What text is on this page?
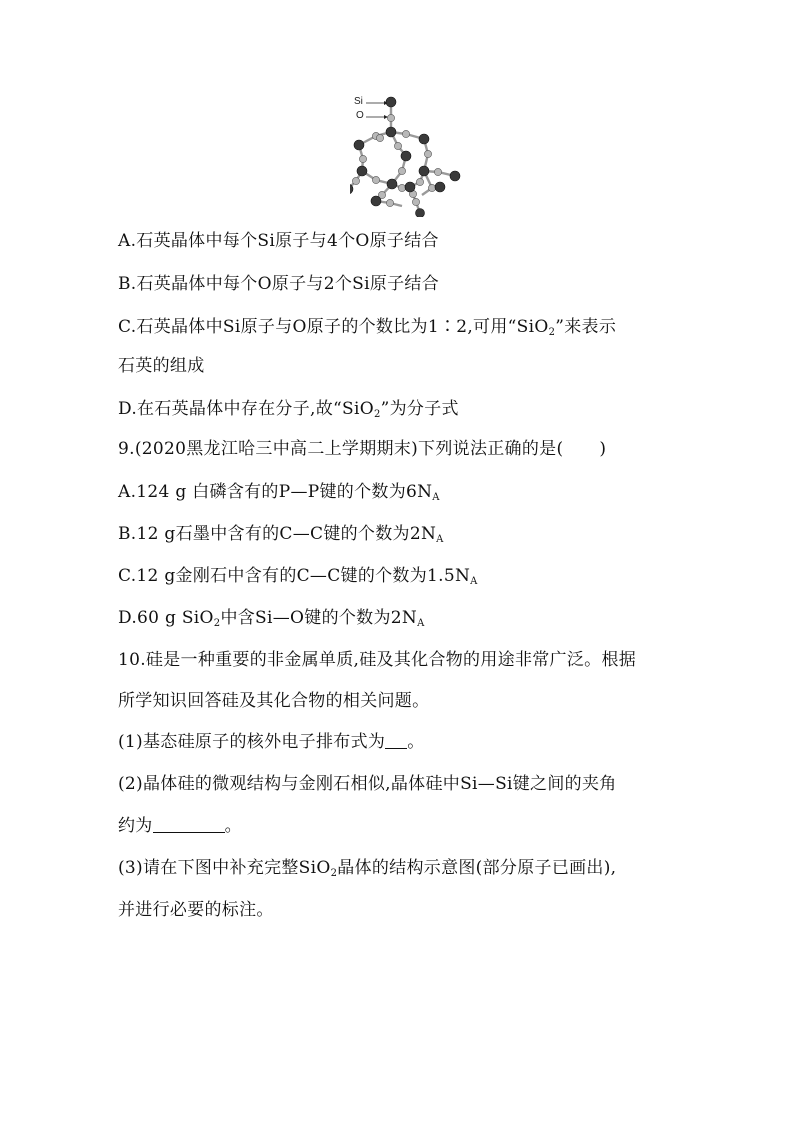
Si
O
A.石英晶体中每个Si原子与4个O原子结合
B.石英晶体中每个O原子与2个Si原子结合
C.石英晶体中Si原子与O原子的个数比为1∶2,可用“SiO$_2$”来表示
石英的组成
D.在石英晶体中存在分子,故“SiO$_2$”为分子式
9.(2020黑龙江哈三中高二上学期期末)下列说法正确的是( )
A.124 g 白磷含有的P—P键的个数为$6N_A$
B.12 g石墨中含有的C—C键的个数为$2N_A$
C.12 g金刚石中含有的C—C键的个数为$1.5N_A$
D.60 g SiO$_2$中含Si—O键的个数为$2N_A$
10.硅是一种重要的非金属单质,硅及其化合物的用途非常广泛。根据
所学知识回答硅及其化合物的相关问题。
(1)基态硅原子的核外电子排布式为 。
(2)晶体硅的微观结构与金刚石相似,晶体硅中Si—Si键之间的夹角
约为	。
(3)请在下图中补充完整SiO$_2$晶体的结构示意图(部分原子已画出),
并进行必要的标注。
